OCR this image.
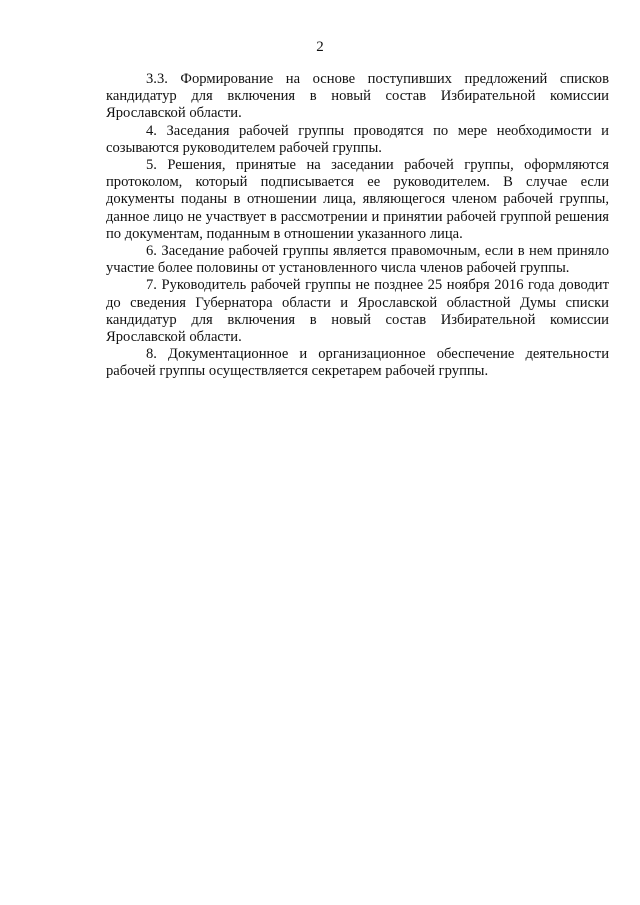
2

3.3. Формирование на основе поступивших предложений списков кандидатур для включения в новый состав Избирательной комиссии Ярославской области.

4. Заседания рабочей группы проводятся по мере необходимости и созываются руководителем рабочей группы.

5. Решения, принятые на заседании рабочей группы, оформляются протоколом, который подписывается ее руководителем. В случае если документы поданы в отношении лица, являющегося членом рабочей группы, данное лицо не участвует в рассмотрении и принятии рабочей группой решения по документам, поданным в отношении указанного лица.

6. Заседание рабочей группы является правомочным, если в нем приняло участие более половины от установленного числа членов рабочей группы.

7. Руководитель рабочей группы не позднее 25 ноября 2016 года доводит до сведения Губернатора области и Ярославской областной Думы списки кандидатур для включения в новый состав Избирательной комиссии Ярославской области.

8. Документационное и организационное обеспечение деятельности рабочей группы осуществляется секретарем рабочей группы.
